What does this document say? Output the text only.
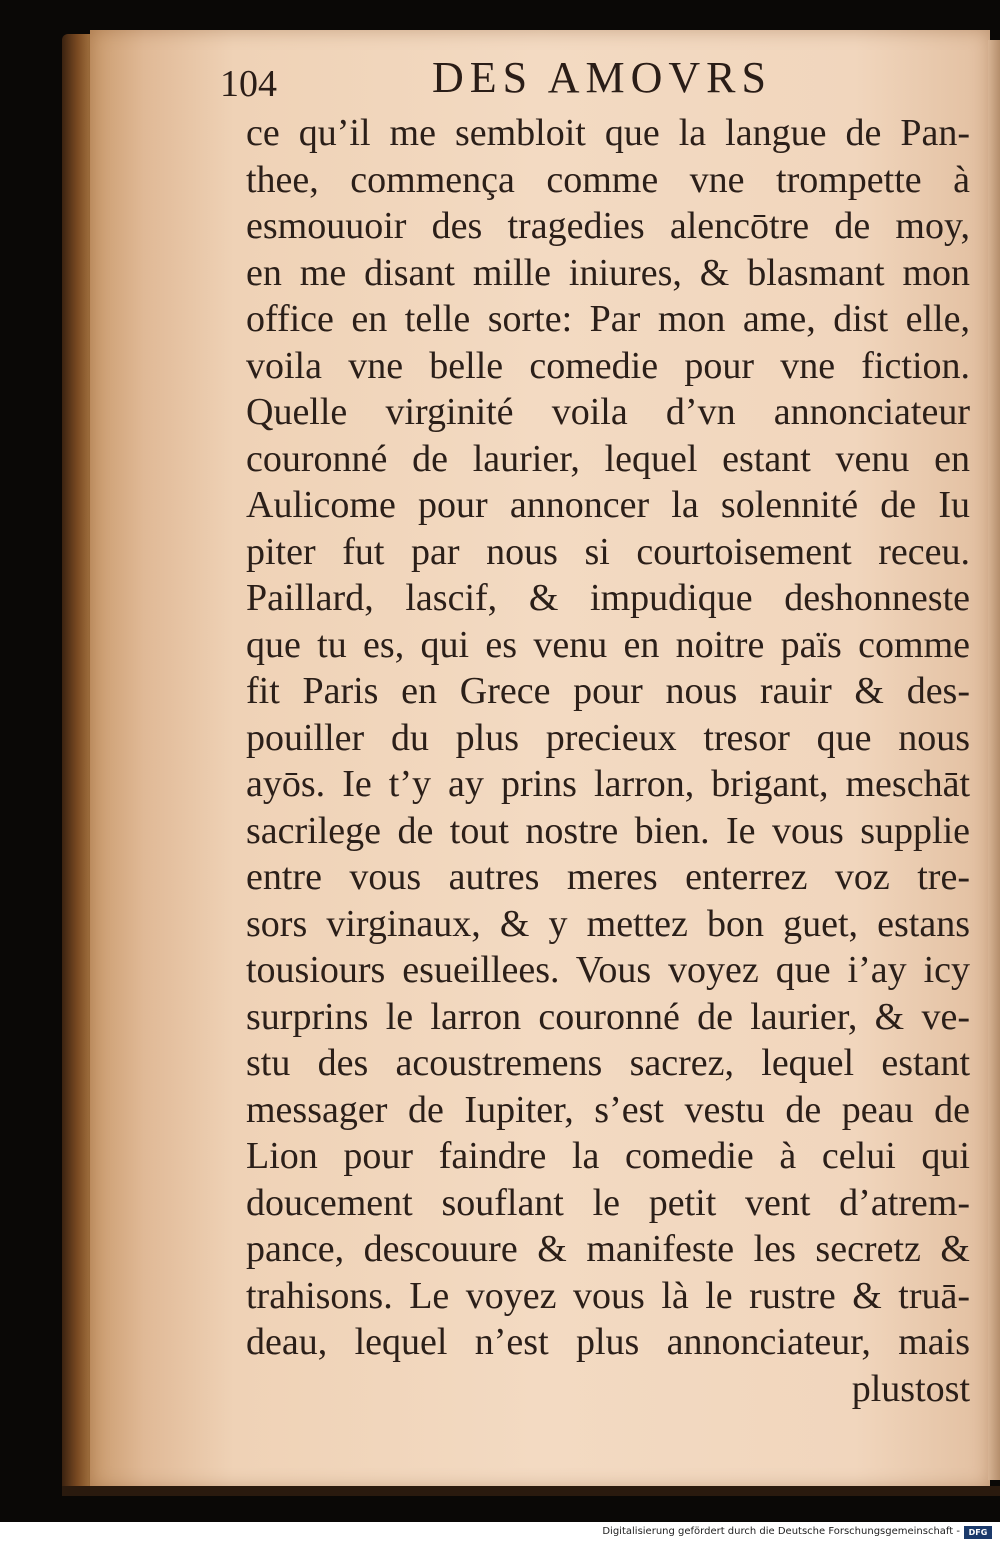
104	DES AMOVRS
ce qu’il me sembloit que la langue de Pan-
thee, commença comme vne trompette à
esmouuoir des tragedies alencōtre de moy,
en me disant mille iniures, & blasmant mon
office en telle sorte: Par mon ame, dist elle,
voila vne belle comedie pour vne fiction.
Quelle virginité voila d’vn annonciateur
couronné de laurier, lequel estant venu en
Aulicome pour annoncer la solennité de Iu
piter fut par nous si courtoisement receu.
Paillard, lascif, & impudique deshonneste
que tu es, qui es venu en noitre païs comme
fit Paris en Grece pour nous rauir & des-
pouiller du plus precieux tresor que nous
ayōs. Ie t’y ay prins larron, brigant, meschāt
sacrilege de tout nostre bien. Ie vous supplie
entre vous autres meres enterrez voz tre-
sors virginaux, & y mettez bon guet, estans
tousiours esueillees. Vous voyez que i’ay icy
surprins le larron couronné de laurier, & ve-
stu des acoustremens sacrez, lequel estant
messager de Iupiter, s’est vestu de peau de
Lion pour faindre la comedie à celui qui
doucement souflant le petit vent d’atrem-
pance, descouure & manifeste les secretz &
trahisons. Le voyez vous là le rustre & truā-
deau, lequel n’est plus annonciateur, mais
plustost
Digitalisierung gefördert durch die Deutsche Forschungsgemeinschaft -	DFG
